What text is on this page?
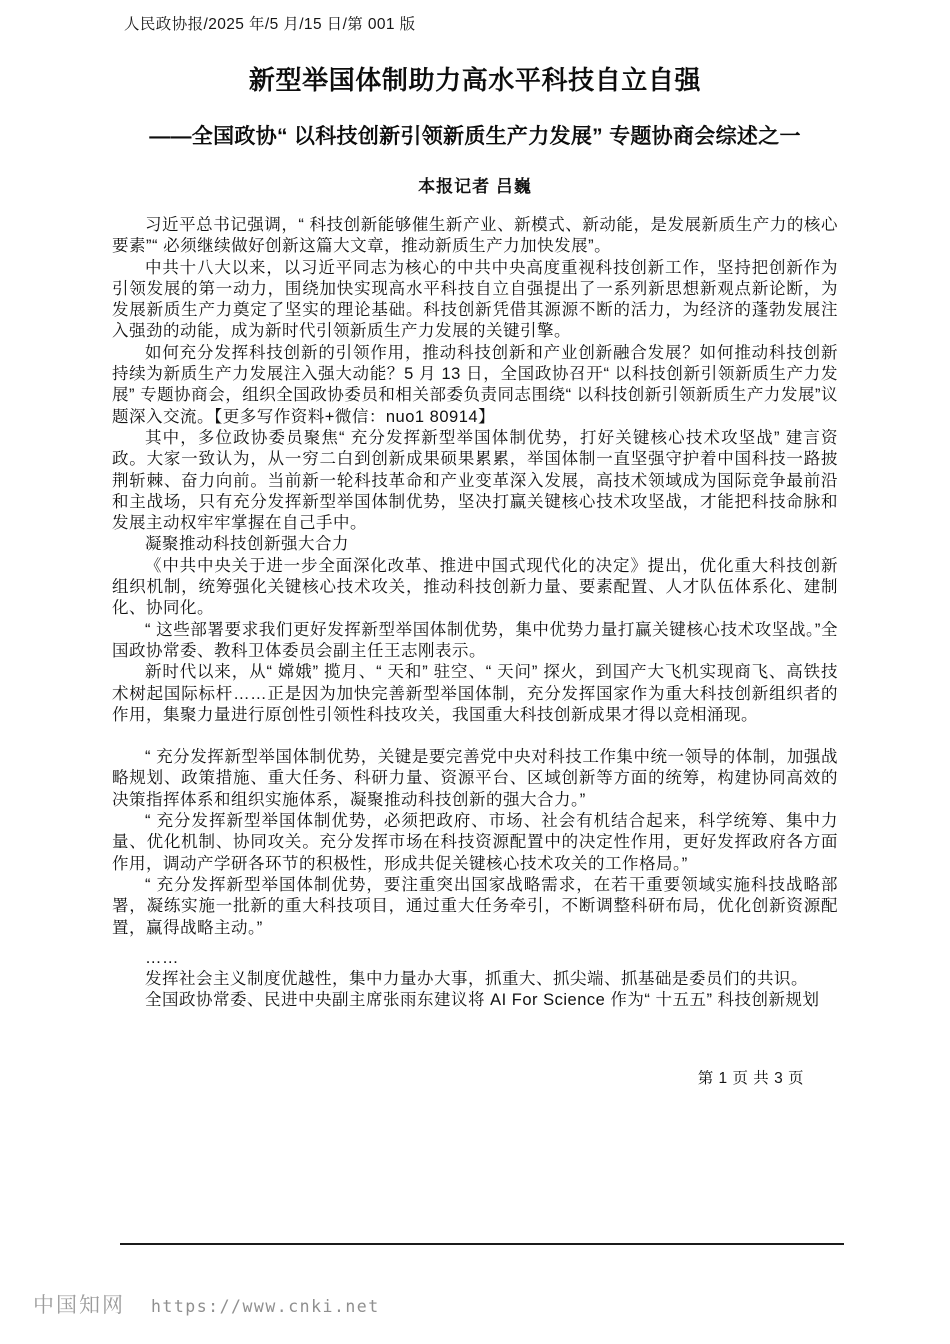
人民政协报/2025 年/5 月/15 日/第 001 版
新型举国体制助力高水平科技自立自强
——全国政协“ 以科技创新引领新质生产力发展” 专题协商会综述之一
本报记者 吕巍

习近平总书记强调，“ 科技创新能够催生新产业、新模式、新动能，是发展新质生产力的核心要素”“ 必须继续做好创新这篇大文章，推动新质生产力加快发展”。

中共十八大以来，以习近平同志为核心的中共中央高度重视科技创新工作，坚持把创新作为引领发展的第一动力，围绕加快实现高水平科技自立自强提出了一系列新思想新观点新论断，为发展新质生产力奠定了坚实的理论基础。科技创新凭借其源源不断的活力，为经济的蓬勃发展注入强劲的动能，成为新时代引领新质生产力发展的关键引擎。

如何充分发挥科技创新的引领作用，推动科技创新和产业创新融合发展？如何推动科技创新持续为新质生产力发展注入强大动能？5 月 13 日，全国政协召开“ 以科技创新引领新质生产力发展” 专题协商会，组织全国政协委员和相关部委负责同志围绕“ 以科技创新引领新质生产力发展”议题深入交流。【更多写作资料+微信：nuo1 80914】

其中，多位政协委员聚焦“ 充分发挥新型举国体制优势，打好关键核心技术攻坚战” 建言资政。大家一致认为，从一穷二白到创新成果硕果累累，举国体制一直坚强守护着中国科技一路披荆斩棘、奋力向前。当前新一轮科技革命和产业变革深入发展，高技术领域成为国际竞争最前沿和主战场，只有充分发挥新型举国体制优势，坚决打赢关键核心技术攻坚战，才能把科技命脉和发展主动权牢牢掌握在自己手中。

凝聚推动科技创新强大合力

《中共中央关于进一步全面深化改革、推进中国式现代化的决定》提出，优化重大科技创新组织机制，统筹强化关键核心技术攻关，推动科技创新力量、要素配置、人才队伍体系化、建制化、协同化。

“ 这些部署要求我们更好发挥新型举国体制优势，集中优势力量打赢关键核心技术攻坚战。”全国政协常委、教科卫体委员会副主任王志刚表示。

新时代以来，从“ 嫦娥” 揽月、“ 天和” 驻空、“ 天问” 探火，到国产大飞机实现商飞、高铁技术树起国际标杆……正是因为加快完善新型举国体制，充分发挥国家作为重大科技创新组织者的作用，集聚力量进行原创性引领性科技攻关，我国重大科技创新成果才得以竞相涌现。

“ 充分发挥新型举国体制优势，关键是要完善党中央对科技工作集中统一领导的体制，加强战略规划、政策措施、重大任务、科研力量、资源平台、区域创新等方面的统筹，构建协同高效的决策指挥体系和组织实施体系，凝聚推动科技创新的强大合力。”

“ 充分发挥新型举国体制优势，必须把政府、市场、社会有机结合起来，科学统筹、集中力量、优化机制、协同攻关。充分发挥市场在科技资源配置中的决定性作用，更好发挥政府各方面作用，调动产学研各环节的积极性，形成共促关键核心技术攻关的工作格局。”

“ 充分发挥新型举国体制优势，要注重突出国家战略需求，在若干重要领域实施科技战略部署，凝练实施一批新的重大科技项目，通过重大任务牵引，不断调整科研布局，优化创新资源配置，赢得战略主动。”

……

发挥社会主义制度优越性，集中力量办大事，抓重大、抓尖端、抓基础是委员们的共识。

全国政协常委、民进中央副主席张雨东建议将 AI For Science 作为“ 十五五” 科技创新规划

第 1 页 共 3 页
中国知网 https://www.cnki.net
